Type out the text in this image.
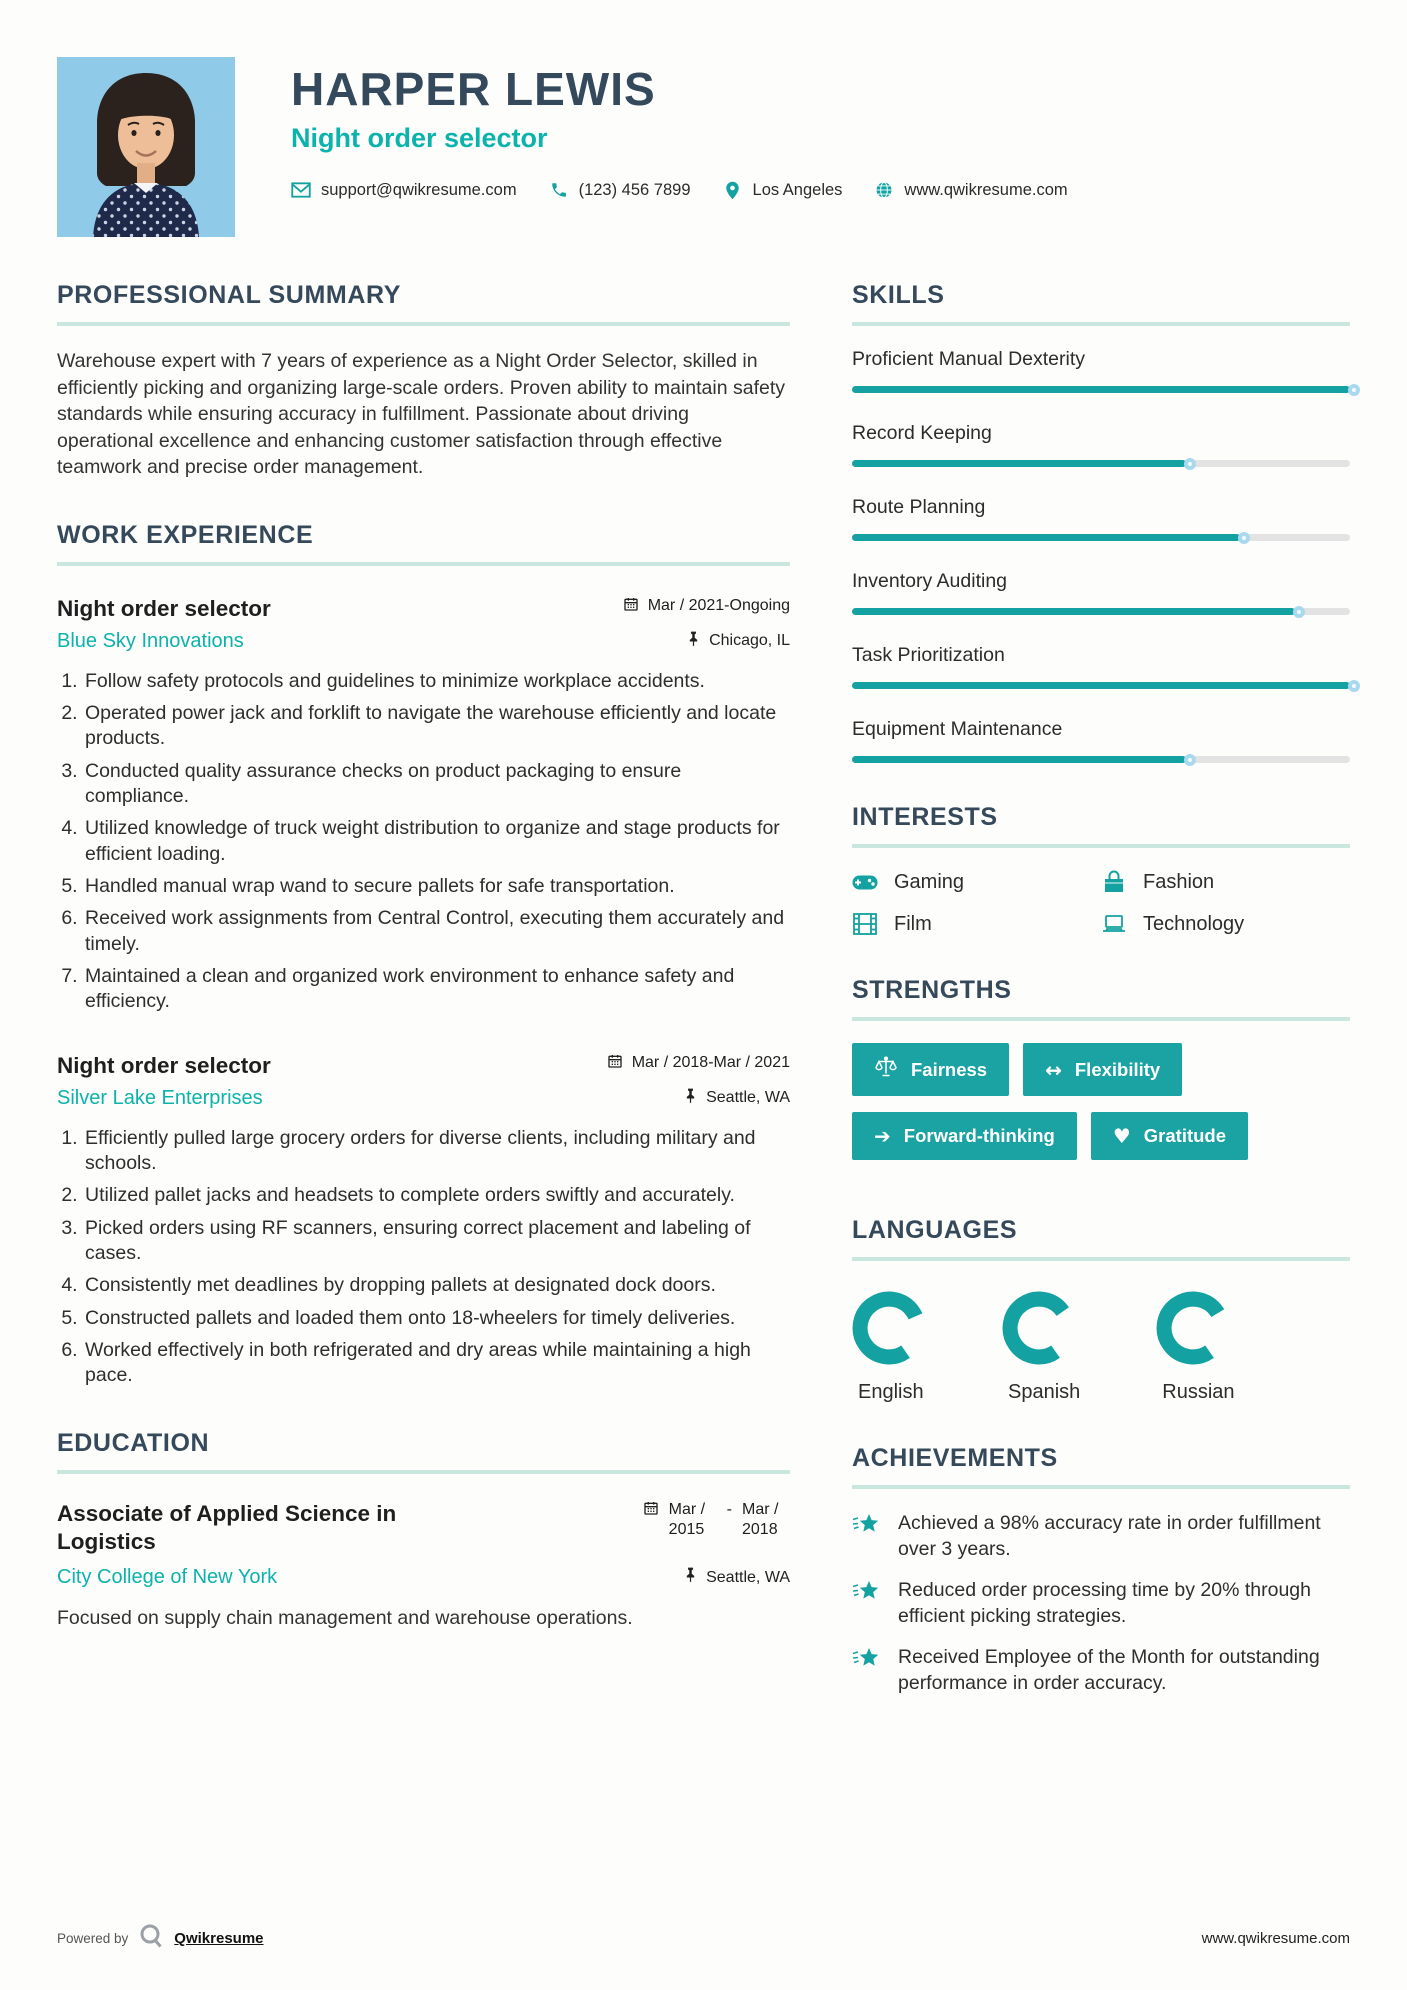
HARPER LEWIS
Night order selector
support@qwikresume.com	(123) 456 7899	Los Angeles	www.qwikresume.com
PROFESSIONAL SUMMARY

Warehouse expert with 7 years of experience as a Night Order Selector, skilled in efficiently picking and organizing large-scale orders. Proven ability to maintain safety standards while ensuring accuracy in fulfillment. Passionate about driving operational excellence and enhancing customer satisfaction through effective teamwork and precise order management.

WORK EXPERIENCE
Night order selector	Mar / 2021-Ongoing
Blue Sky Innovations	Chicago, IL
1. Follow safety protocols and guidelines to minimize workplace accidents.
2. Operated power jack and forklift to navigate the warehouse efficiently and locate products.
3. Conducted quality assurance checks on product packaging to ensure compliance.
4. Utilized knowledge of truck weight distribution to organize and stage products for efficient loading.
5. Handled manual wrap wand to secure pallets for safe transportation.
6. Received work assignments from Central Control, executing them accurately and timely.
7. Maintained a clean and organized work environment to enhance safety and efficiency.
Night order selector	Mar / 2018-Mar / 2021
Silver Lake Enterprises	Seattle, WA
1. Efficiently pulled large grocery orders for diverse clients, including military and schools.
2. Utilized pallet jacks and headsets to complete orders swiftly and accurately.
3. Picked orders using RF scanners, ensuring correct placement and labeling of cases.
4. Consistently met deadlines by dropping pallets at designated dock doors.
5. Constructed pallets and loaded them onto 18-wheelers for timely deliveries.
6. Worked effectively in both refrigerated and dry areas while maintaining a high pace.
EDUCATION
Associate of Applied Science in Logistics
Mar / 2015
- Mar / 2018
City College of New York	Seattle, WA

Focused on supply chain management and warehouse operations.

SKILLS
Proficient Manual Dexterity
Record Keeping
Route Planning
Inventory Auditing
Task Prioritization
Equipment Maintenance
INTERESTS
Gaming	Fashion
Film	Technology
STRENGTHS
Fairness	↔ Flexibility
➔ Forward-thinking	♥ Gratitude
LANGUAGES
English	Spanish	Russian
ACHIEVEMENTS
Achieved a 98% accuracy rate in order fulfillment over 3 years.
Reduced order processing time by 20% through efficient picking strategies.
Received Employee of the Month for outstanding performance in order accuracy.
Powered by	Qwikresume	www.qwikresume.com
